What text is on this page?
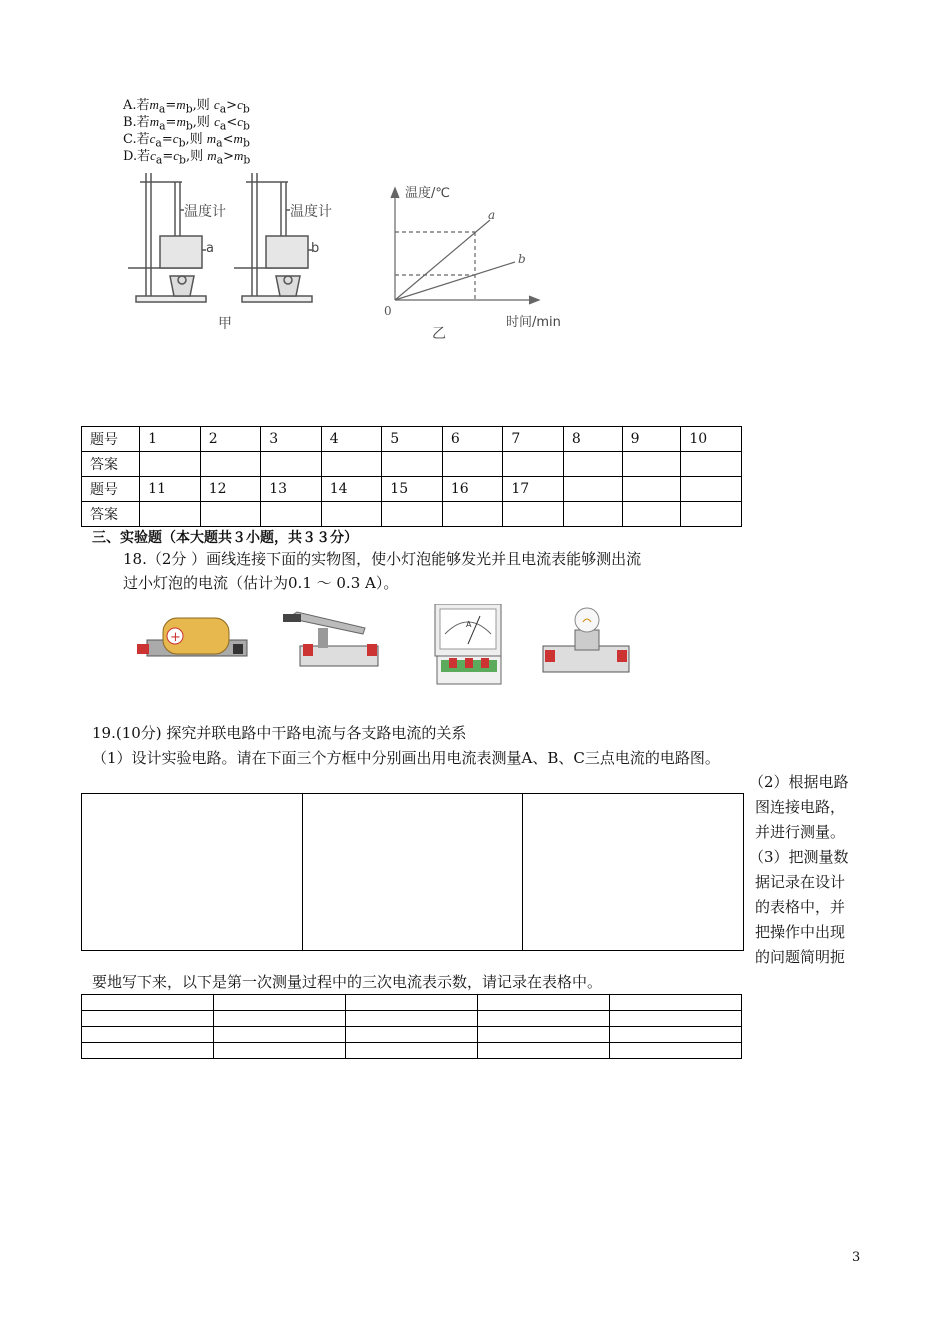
A.若$m_a=m_b$,则 $c_a>c_b$
B.若$m_a=m_b$,则 $c_a<c_b$
C.若$c_a=c_b$,则 $m_a<m_b$
D.若$c_a=c_b$,则 $m_a>m_b$
温度计	温度计
a	b
甲
温度/℃
a
b
0
时间/min
乙
题号	1	2	3	4	5	6	7	8	9	10
答案										
题号	11	12	13	14	15	16	17			
答案										
三、实验题（本大题共３小题，共３３分）
18.（2分 ）画线连接下面的实物图，使小灯泡能够发光并且电流表能够测出流
过小灯泡的电流（估计为0.1 ～ 0.3 A）。
+
A
19.(10分) 探究并联电路中干路电流与各支路电流的关系
（1）设计实验电路。请在下面三个方框中分别画出用电流表测量A、B、C三点电流的电路图。
（2）根据电路
图连接电路，
并进行测量。
（3）把测量数
据记录在设计
的表格中，并
把操作中出现
的问题简明扼
要地写下来，以下是第一次测量过程中的三次电流表示数，请记录在表格中。

3
